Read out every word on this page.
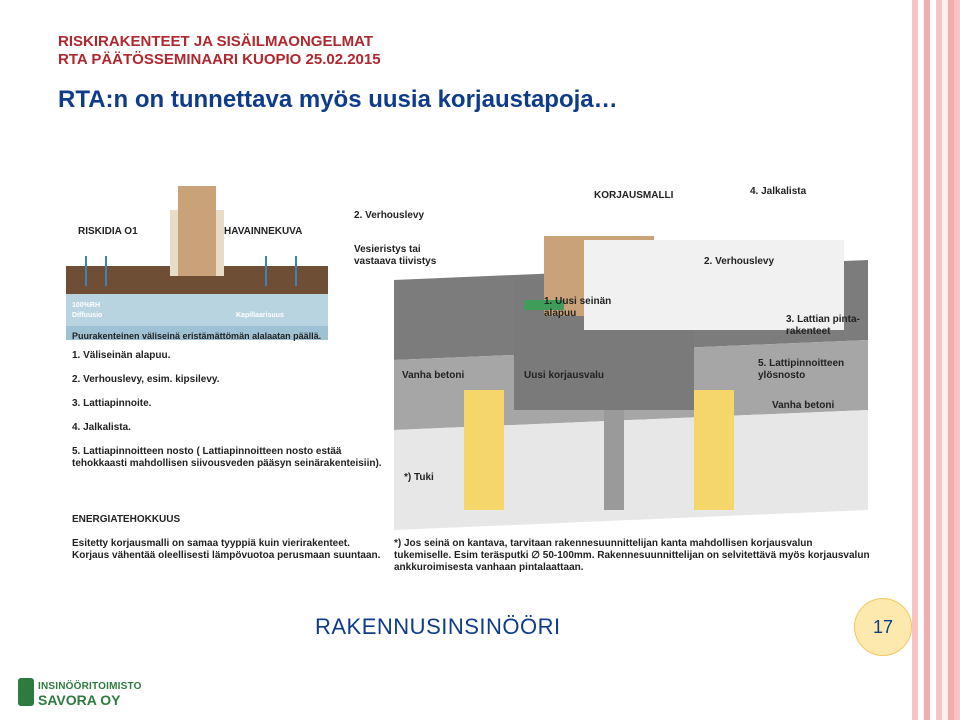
RISKIRAKENTEET JA SISÄILMAONGELMAT
RTA PÄÄTÖSSEMINAARI KUOPIO 25.02.2015
RTA:n on tunnettava myös uusia korjaustapoja…
RISKIDIA O1	HAVAINNEKUVA
100%RH
Diffuusio	Kapillaarisuus
Puurakenteinen väliseinä eristämättömän alalaatan päällä.
1. Väliseinän alapuu.
2. Verhouslevy, esim. kipsilevy.
3. Lattiapinnoite.
4. Jalkalista.
5. Lattiapinnoitteen nosto ( Lattiapinnoitteen nosto estää tehokkaasti mahdollisen siivousveden pääsyn seinärakenteisiin).
ENERGIATEHOKKUUS
Esitetty korjausmalli on samaa tyyppiä kuin vierirakenteet. Korjaus vähentää oleellisesti lämpövuotoa perusmaan suuntaan.
KORJAUSMALLI
2. Verhouslevy
Vesieristys tai vastaava tiivistys
4. Jalkalista
2. Verhouslevy
1. Uusi seinän alapuu
3. Lattian pinta-rakenteet
5. Lattipinnoitteen ylösnosto
Vanha betoni	Uusi korjausvalu
Vanha betoni
*) Tuki
*) Jos seinä on kantava, tarvitaan rakennesuunnittelijan kanta mahdollisen korjausvalun tukemiselle. Esim teräsputki ∅ 50-100mm. Rakennesuunnittelijan on selvitettävä myös korjausvalun ankkuroimisesta vanhaan pintalaattaan.
RAKENNUSINSINÖÖRI	17
INSINÖÖRITOIMISTO
SAVORA OY
